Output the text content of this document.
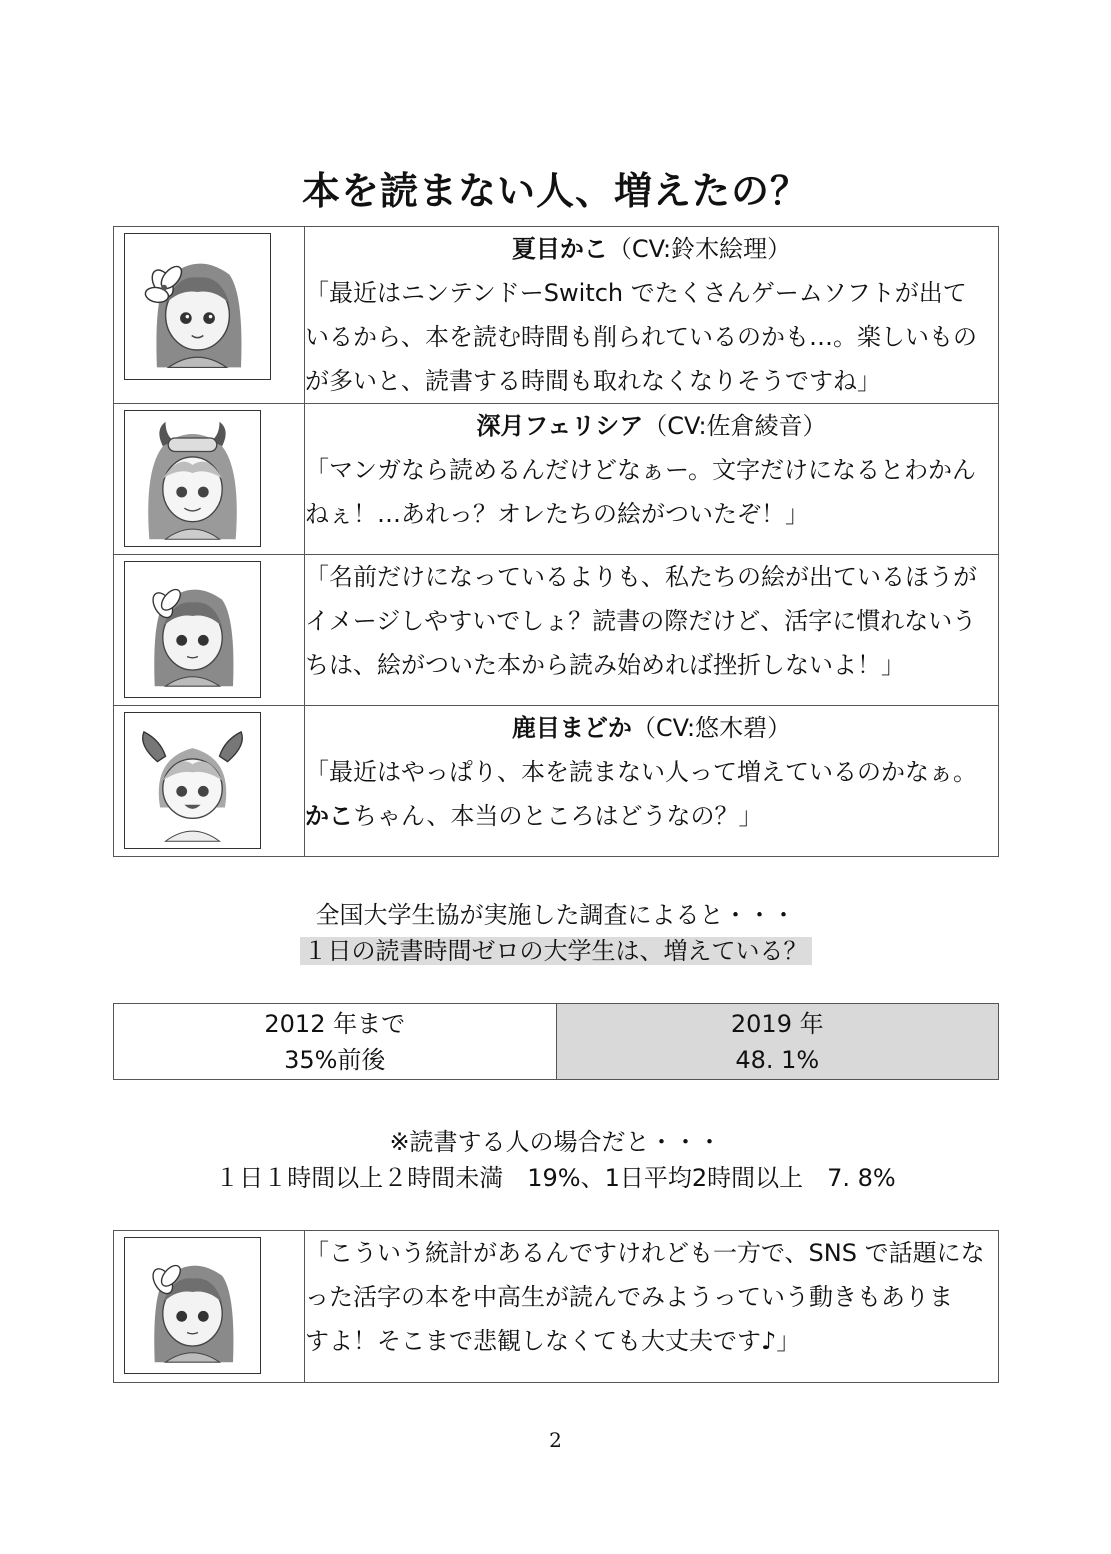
本を読まない人、増えたの？

夏目かこ（CV:鈴木絵理）
「最近はニンテンドーSwitch でたくさんゲームソフトが出て
いるから、本を読む時間も削られているのかも…。楽しいもの
が多いと、読書する時間も取れなくなりそうですね」

深月フェリシア（CV:佐倉綾音）
「マンガなら読めるんだけどなぁー。文字だけになるとわかん
ねぇ！…あれっ？オレたちの絵がついたぞ！」

「名前だけになっているよりも、私たちの絵が出ているほうが
イメージしやすいでしょ？読書の際だけど、活字に慣れないう
ちは、絵がついた本から読み始めれば挫折しないよ！」

鹿目まどか（CV:悠木碧）
「最近はやっぱり、本を読まない人って増えているのかなぁ。
かこちゃん、本当のところはどうなの？」
全国大学生協が実施した調査によると・・・
１日の読書時間ゼロの大学生は、増えている？
2012 年まで
35%前後

2019 年
48. 1%
※読書する人の場合だと・・・
１日１時間以上２時間未満　19%、1日平均2時間以上　7. 8%

「こういう統計があるんですけれども一方で、SNS で話題にな
った活字の本を中高生が読んでみようっていう動きもありま
すよ！そこまで悲観しなくても大丈夫です♪」
2
